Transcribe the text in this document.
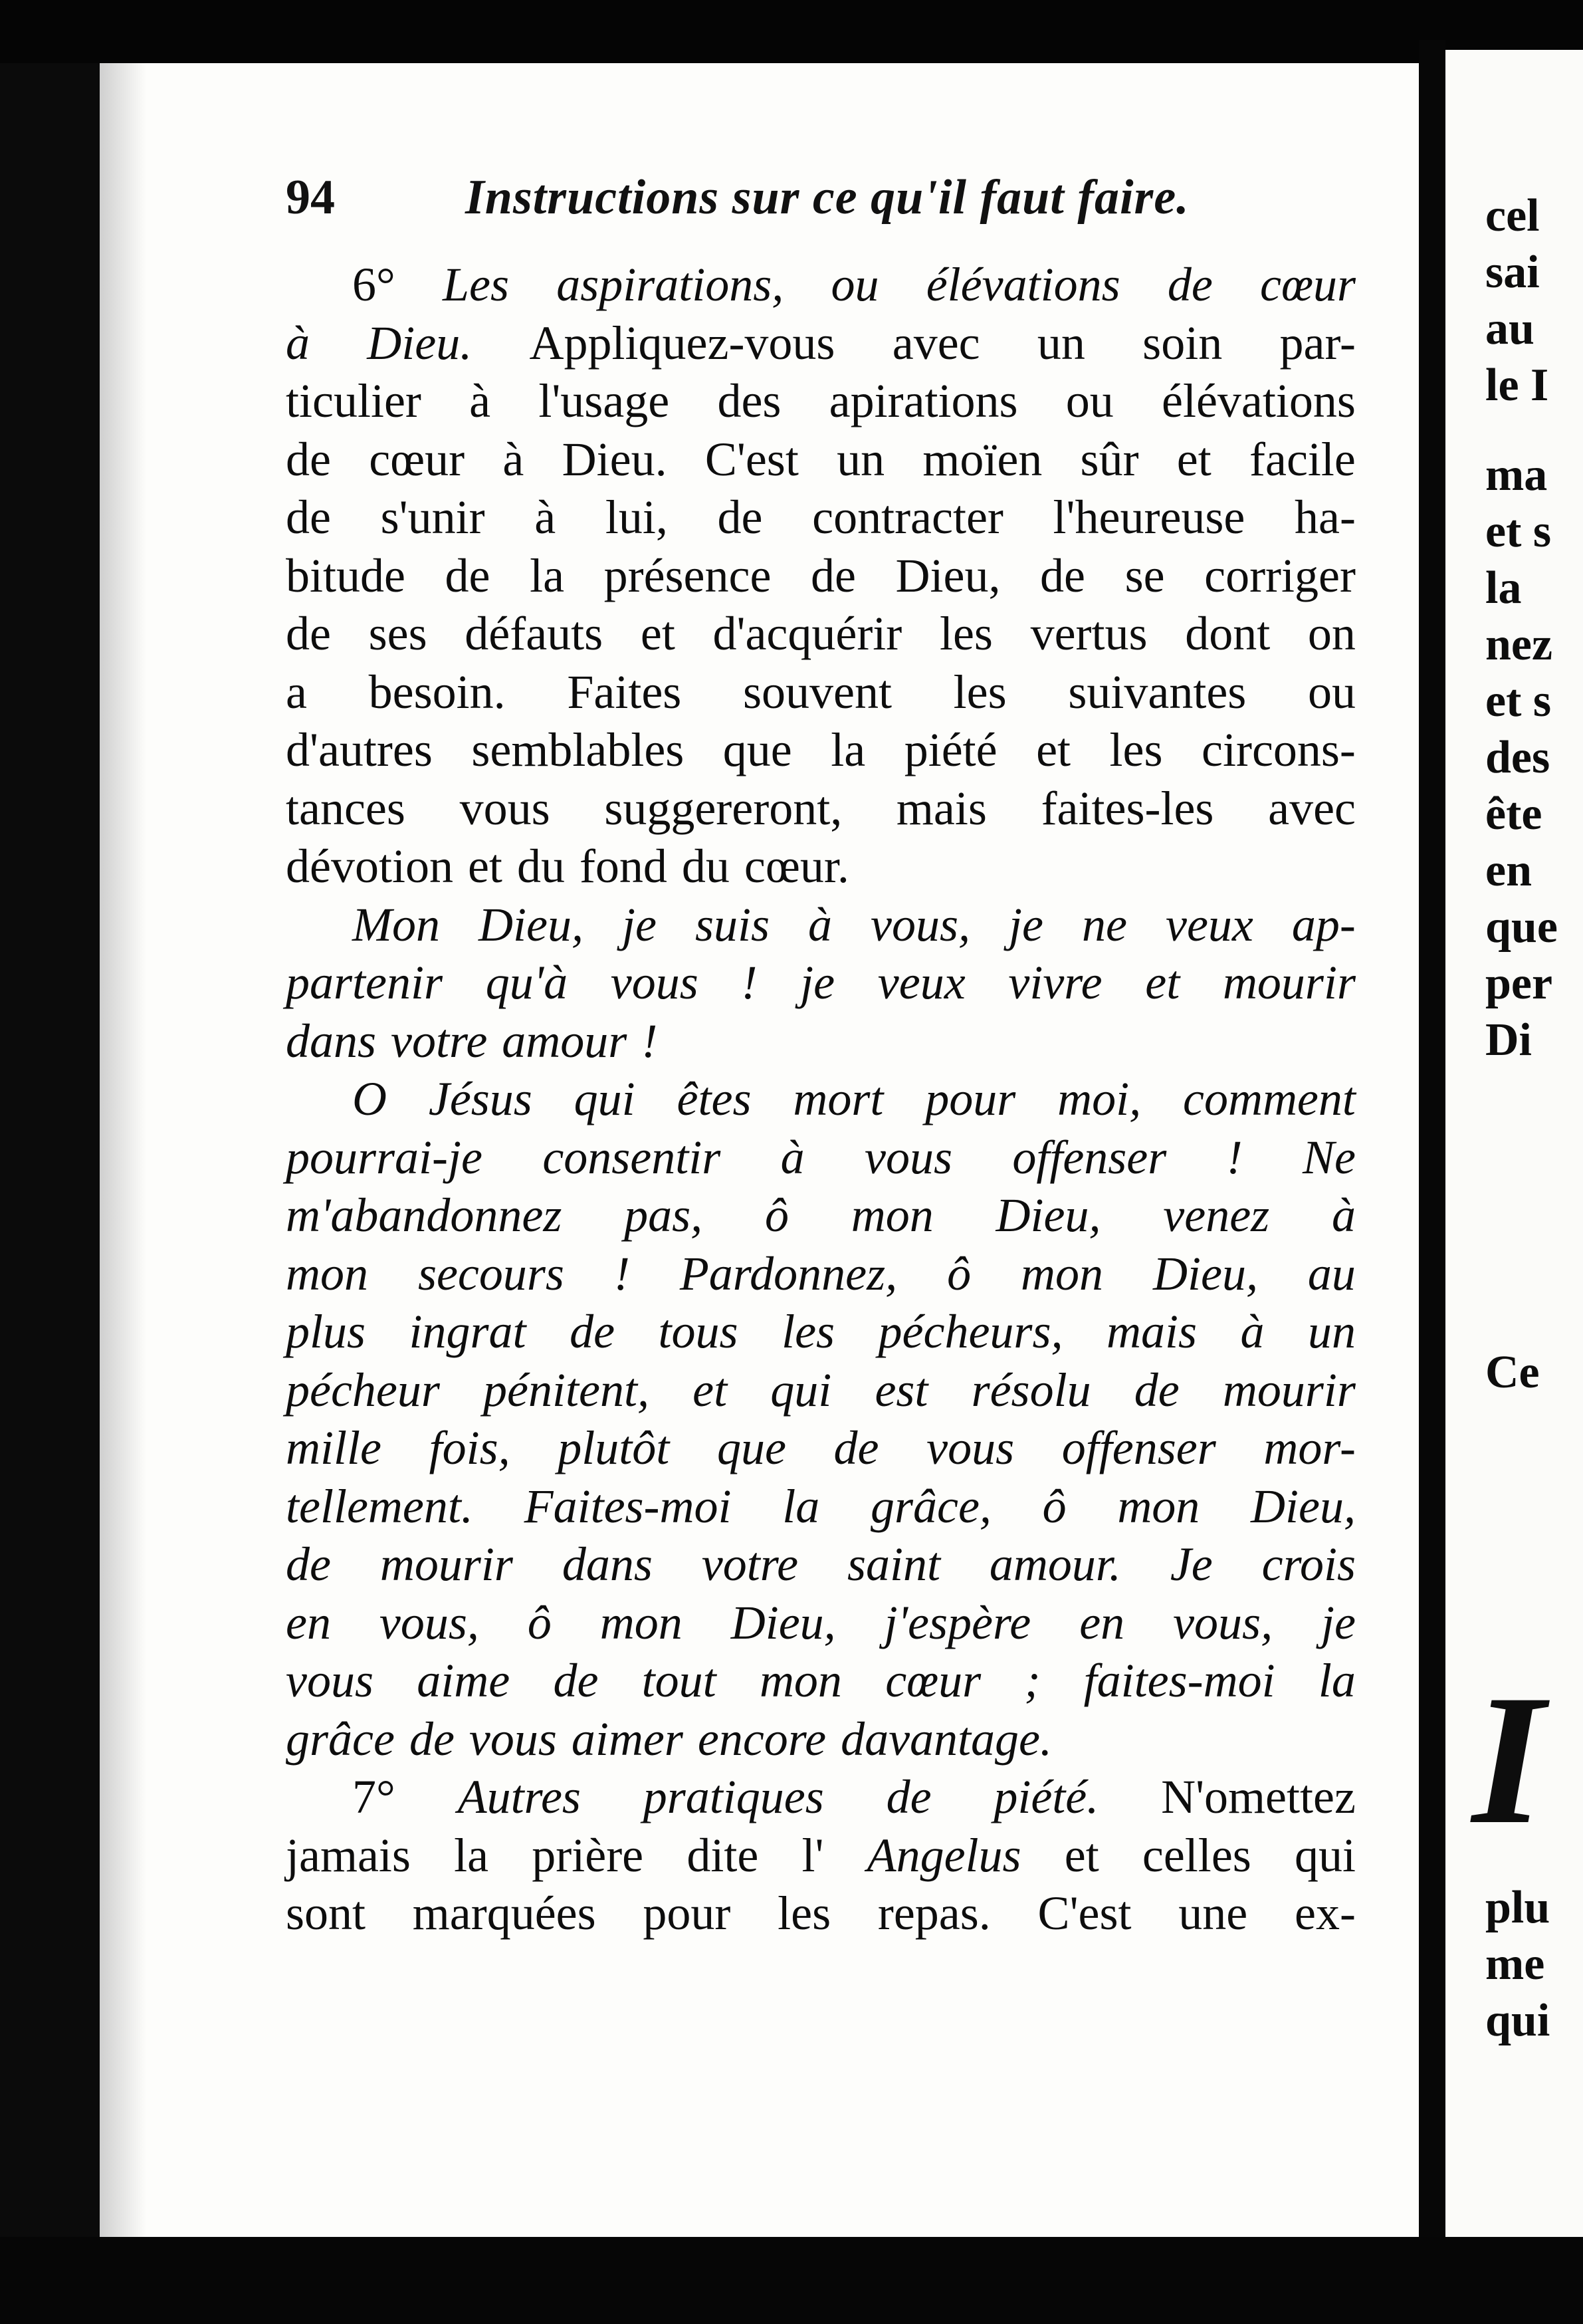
cel
sai
au
le I
ma
et s
la
nez
et s
des
ête
en
que
per
Di
Ce
I
plu
me
qui
94	Instructions sur ce qu'il faut faire.
6° Les aspirations, ou élévations de cœur
à Dieu. Appliquez-vous avec un soin par-
ticulier à l'usage des apirations ou élévations
de cœur à Dieu. C'est un moïen sûr et facile
de s'unir à lui, de contracter l'heureuse ha-
bitude de la présence de Dieu, de se corriger
de ses défauts et d'acquérir les vertus dont on
a besoin. Faites souvent les suivantes ou
d'autres semblables que la piété et les circons-
tances vous suggereront, mais faites-les avec
dévotion et du fond du cœur.
Mon Dieu, je suis à vous, je ne veux ap-
partenir qu'à vous ! je veux vivre et mourir
dans votre amour !
O Jésus qui êtes mort pour moi, comment
pourrai-je consentir à vous offenser ! Ne
m'abandonnez pas, ô mon Dieu, venez à
mon secours ! Pardonnez, ô mon Dieu, au
plus ingrat de tous les pécheurs, mais à un
pécheur pénitent, et qui est résolu de mourir
mille fois, plutôt que de vous offenser mor-
tellement. Faites-moi la grâce, ô mon Dieu,
de mourir dans votre saint amour. Je crois
en vous, ô mon Dieu, j'espère en vous, je
vous aime de tout mon cœur ; faites-moi la
grâce de vous aimer encore davantage.
7° Autres pratiques de piété. N'omettez
jamais la prière dite l' Angelus et celles qui
sont marquées pour les repas. C'est une ex-
